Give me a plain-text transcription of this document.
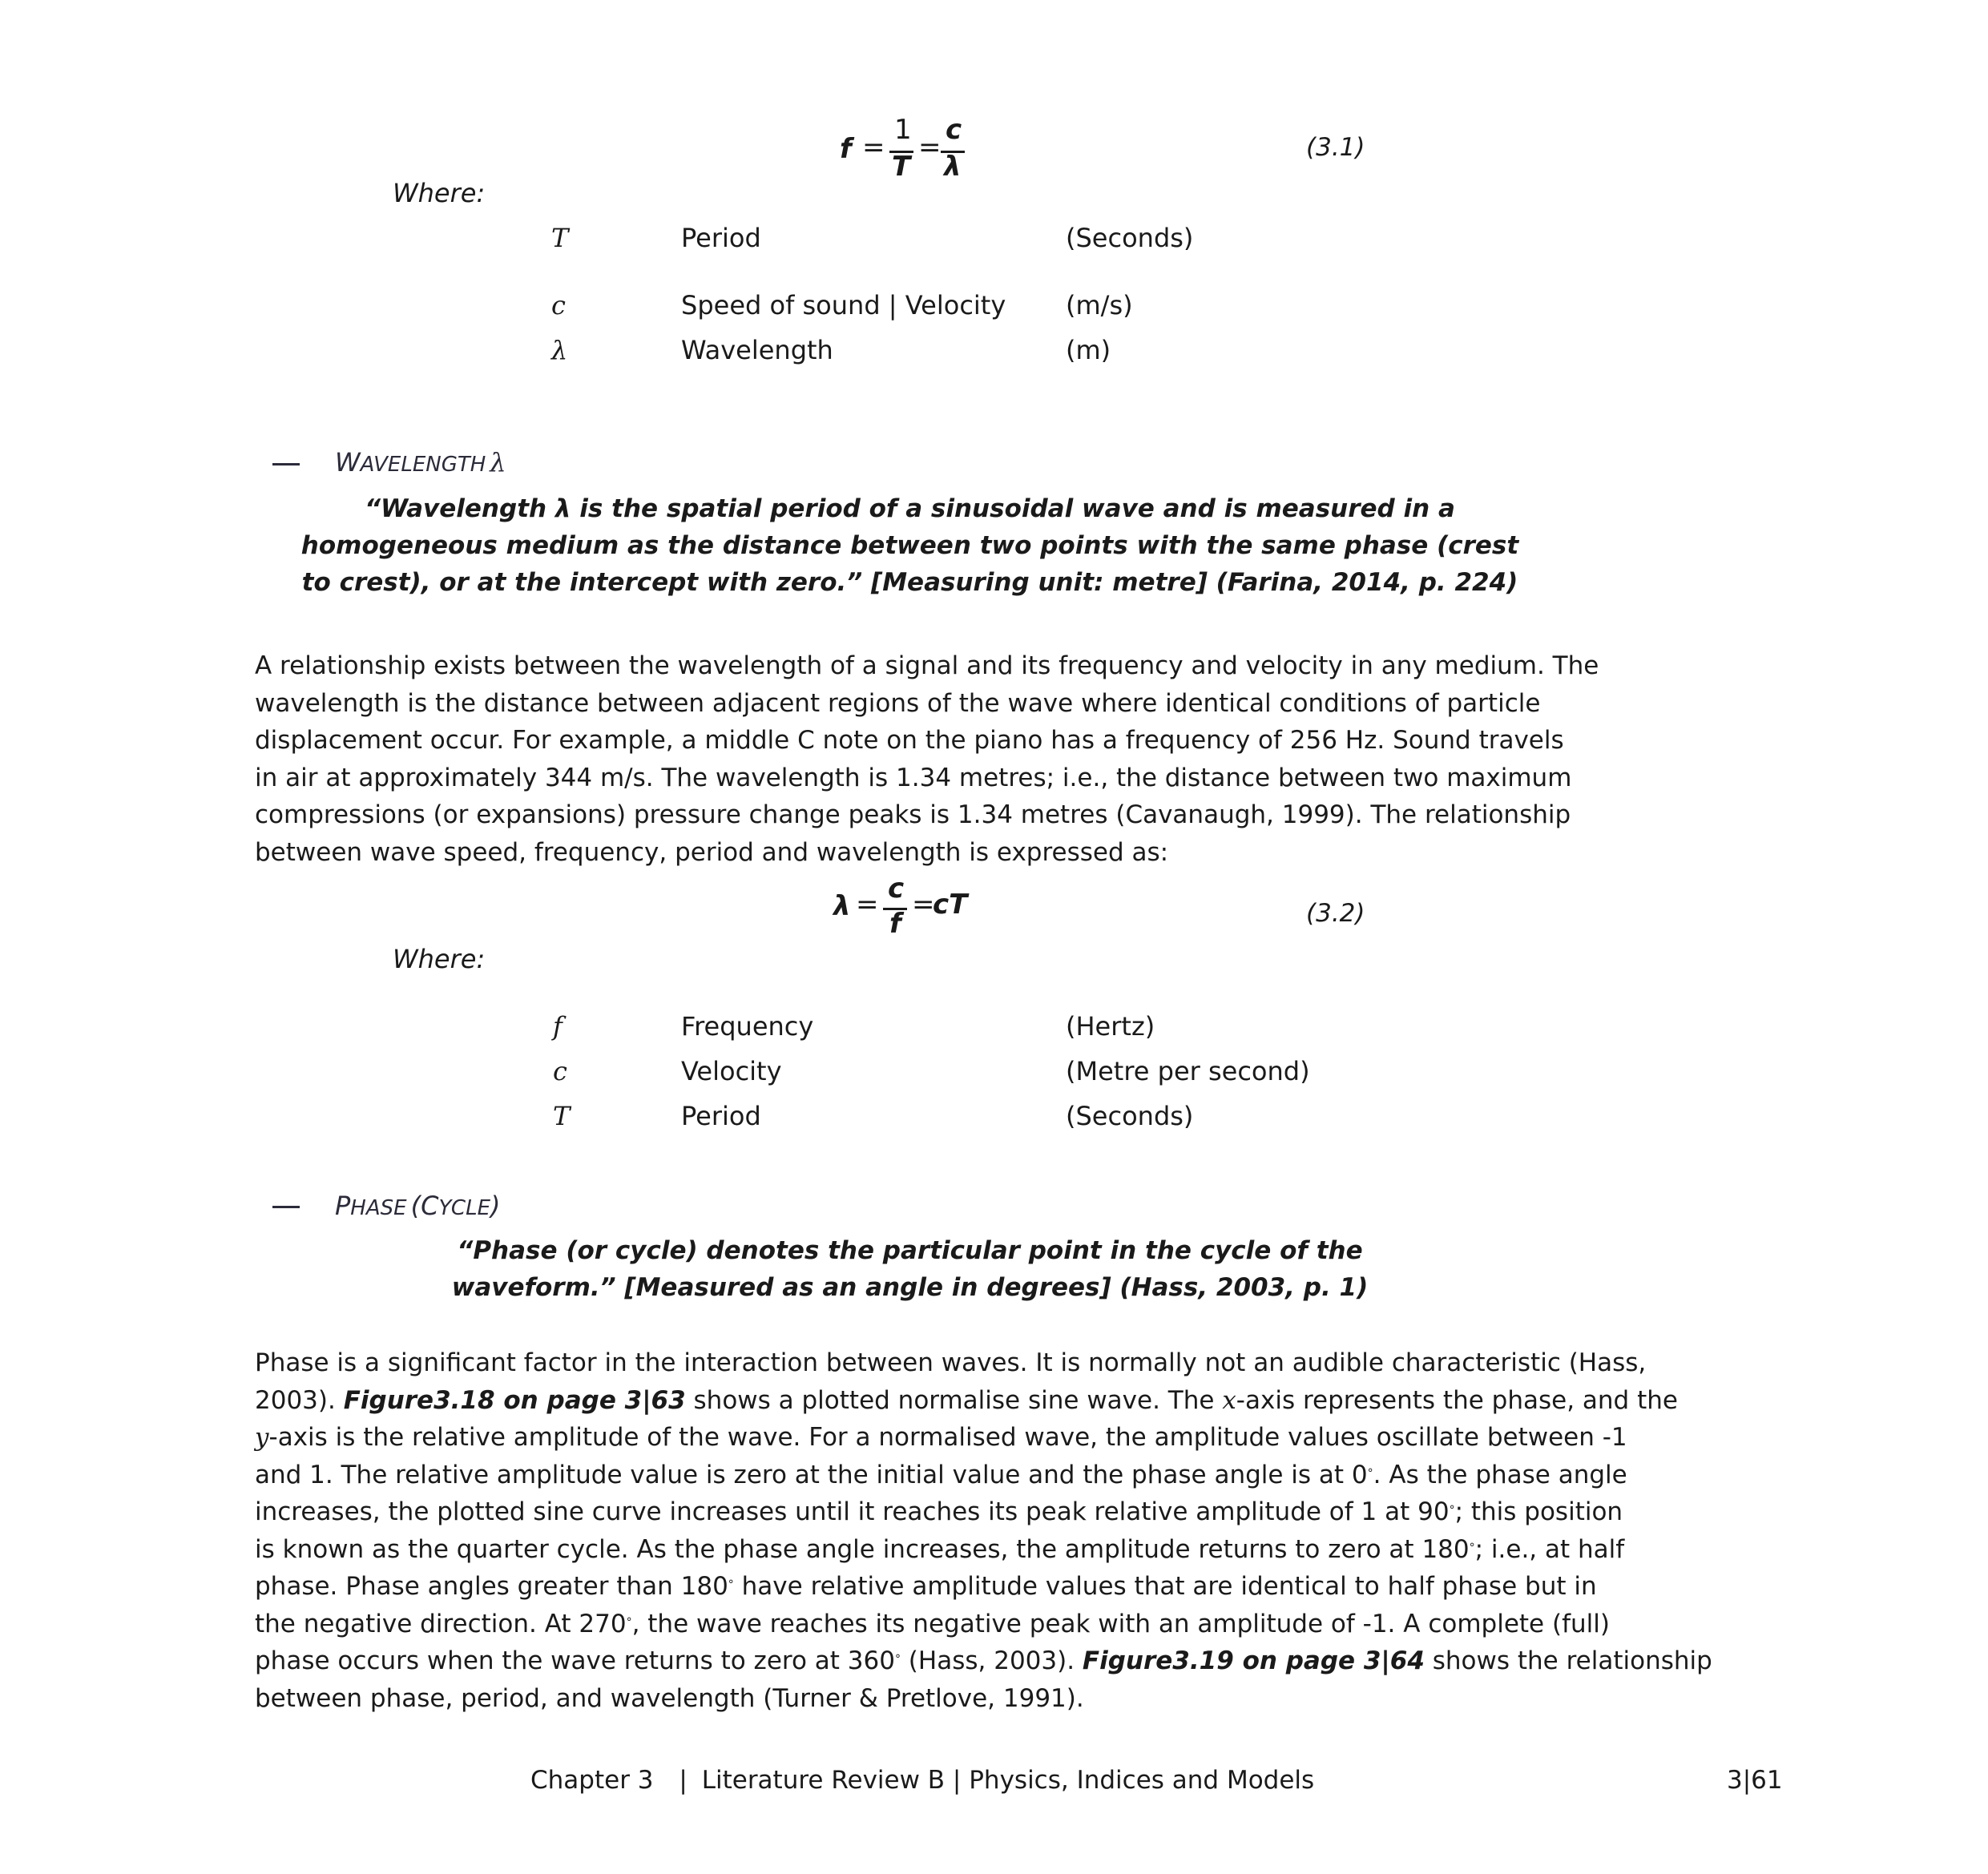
f =
1
T
=
c
λ
(3.1)
Where:
T	Period	(Seconds)
c	Speed of sound | Velocity (m/s)
λ	Wavelength	(m)
WAVELENGTH λ
“Wavelength λ is the spatial period of a sinusoidal wave and is measured in a
homogeneous medium as the distance between two points with the same phase (crest
to crest), or at the intercept with zero.” [Measuring unit: metre] (Farina, 2014, p. 224)
A relationship exists between the wavelength of a signal and its frequency and velocity in any medium. The
wavelength is the distance between adjacent regions of the wave where identical conditions of particle
displacement occur. For example, a middle C note on the piano has a frequency of 256 Hz. Sound travels
in air at approximately 344 m/s. The wavelength is 1.34 metres; i.e., the distance between two maximum
compressions (or expansions) pressure change peaks is 1.34 metres (Cavanaugh, 1999). The relationship
between wave speed, frequency, period and wavelength is expressed as:
λ = c
f
=
cT	(3.2)
Where:
f	Frequency	(Hertz)
c	Velocity	(Metre per second)
T	Period	(Seconds)
PHASE (CYCLE)
“Phase (or cycle) denotes the particular point in the cycle of the
waveform.” [Measured as an angle in degrees] (Hass, 2003, p. 1)
Phase is a significant factor in the interaction between waves. It is normally not an audible characteristic (Hass,
2003). Figure3.18 on page 3|63 shows a plotted normalise sine wave. The x-axis represents the phase, and the
y-axis is the relative amplitude of the wave. For a normalised wave, the amplitude values oscillate between -1
and 1. The relative amplitude value is zero at the initial value and the phase angle is at 0°. As the phase angle
increases, the plotted sine curve increases until it reaches its peak relative amplitude of 1 at 90°; this position
is known as the quarter cycle. As the phase angle increases, the amplitude returns to zero at 180°; i.e., at half
phase. Phase angles greater than 180° have relative amplitude values that are identical to half phase but in
the negative direction. At 270°, the wave reaches its negative peak with an amplitude of -1. A complete (full)
phase occurs when the wave returns to zero at 360° (Hass, 2003). Figure3.19 on page 3|64 shows the relationship
between phase, period, and wavelength (Turner & Pretlove, 1991).
Chapter 3 | Literature Review B | Physics, Indices and Models	3|61
